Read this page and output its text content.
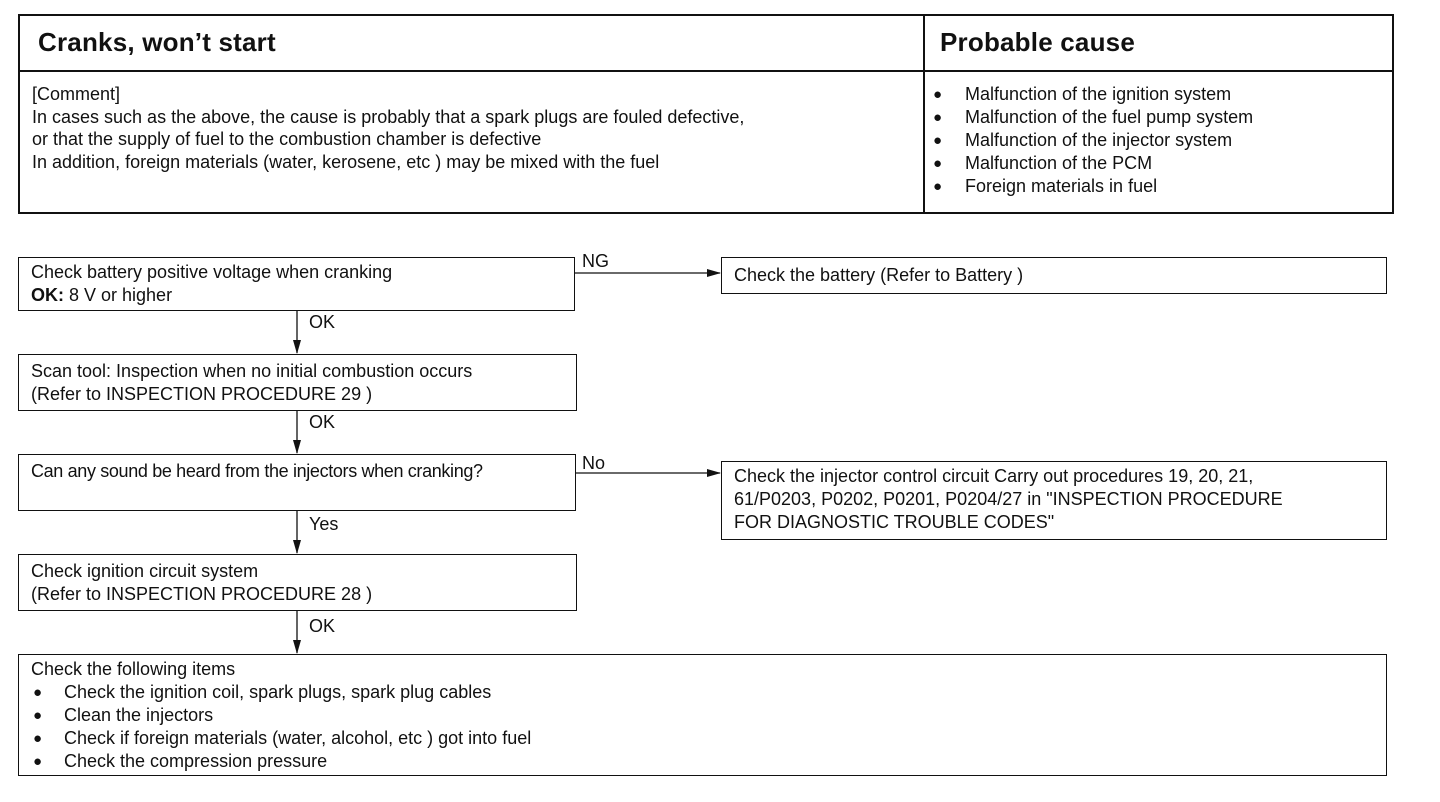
Cranks, won’t start	Probable cause
[Comment]
In cases such as the above, the cause is probably that a spark plugs are fouled defective,
or that the supply of fuel to the combustion chamber is defective
In addition, foreign materials (water, kerosene, etc ) may be mixed with the fuel
● Malfunction of the ignition system
● Malfunction of the fuel pump system
● Malfunction of the injector system
● Malfunction of the PCM
● Foreign materials in fuel
Check battery positive voltage when cranking
OK: 8 V or higher
NG
Check the battery (Refer to Battery )
OK
Scan tool: Inspection when no initial combustion occurs
(Refer to INSPECTION PROCEDURE 29 )
OK
Can any sound be heard from the injectors when cranking?	No
Check the injector control circuit Carry out procedures 19, 20, 21,
61/P0203, P0202, P0201, P0204/27 in "INSPECTION PROCEDURE
FOR DIAGNOSTIC TROUBLE CODES"
Yes
Check ignition circuit system
(Refer to INSPECTION PROCEDURE 28 )
OK
Check the following items
● Check the ignition coil, spark plugs, spark plug cables
● Clean the injectors
● Check if foreign materials (water, alcohol, etc ) got into fuel
● Check the compression pressure
